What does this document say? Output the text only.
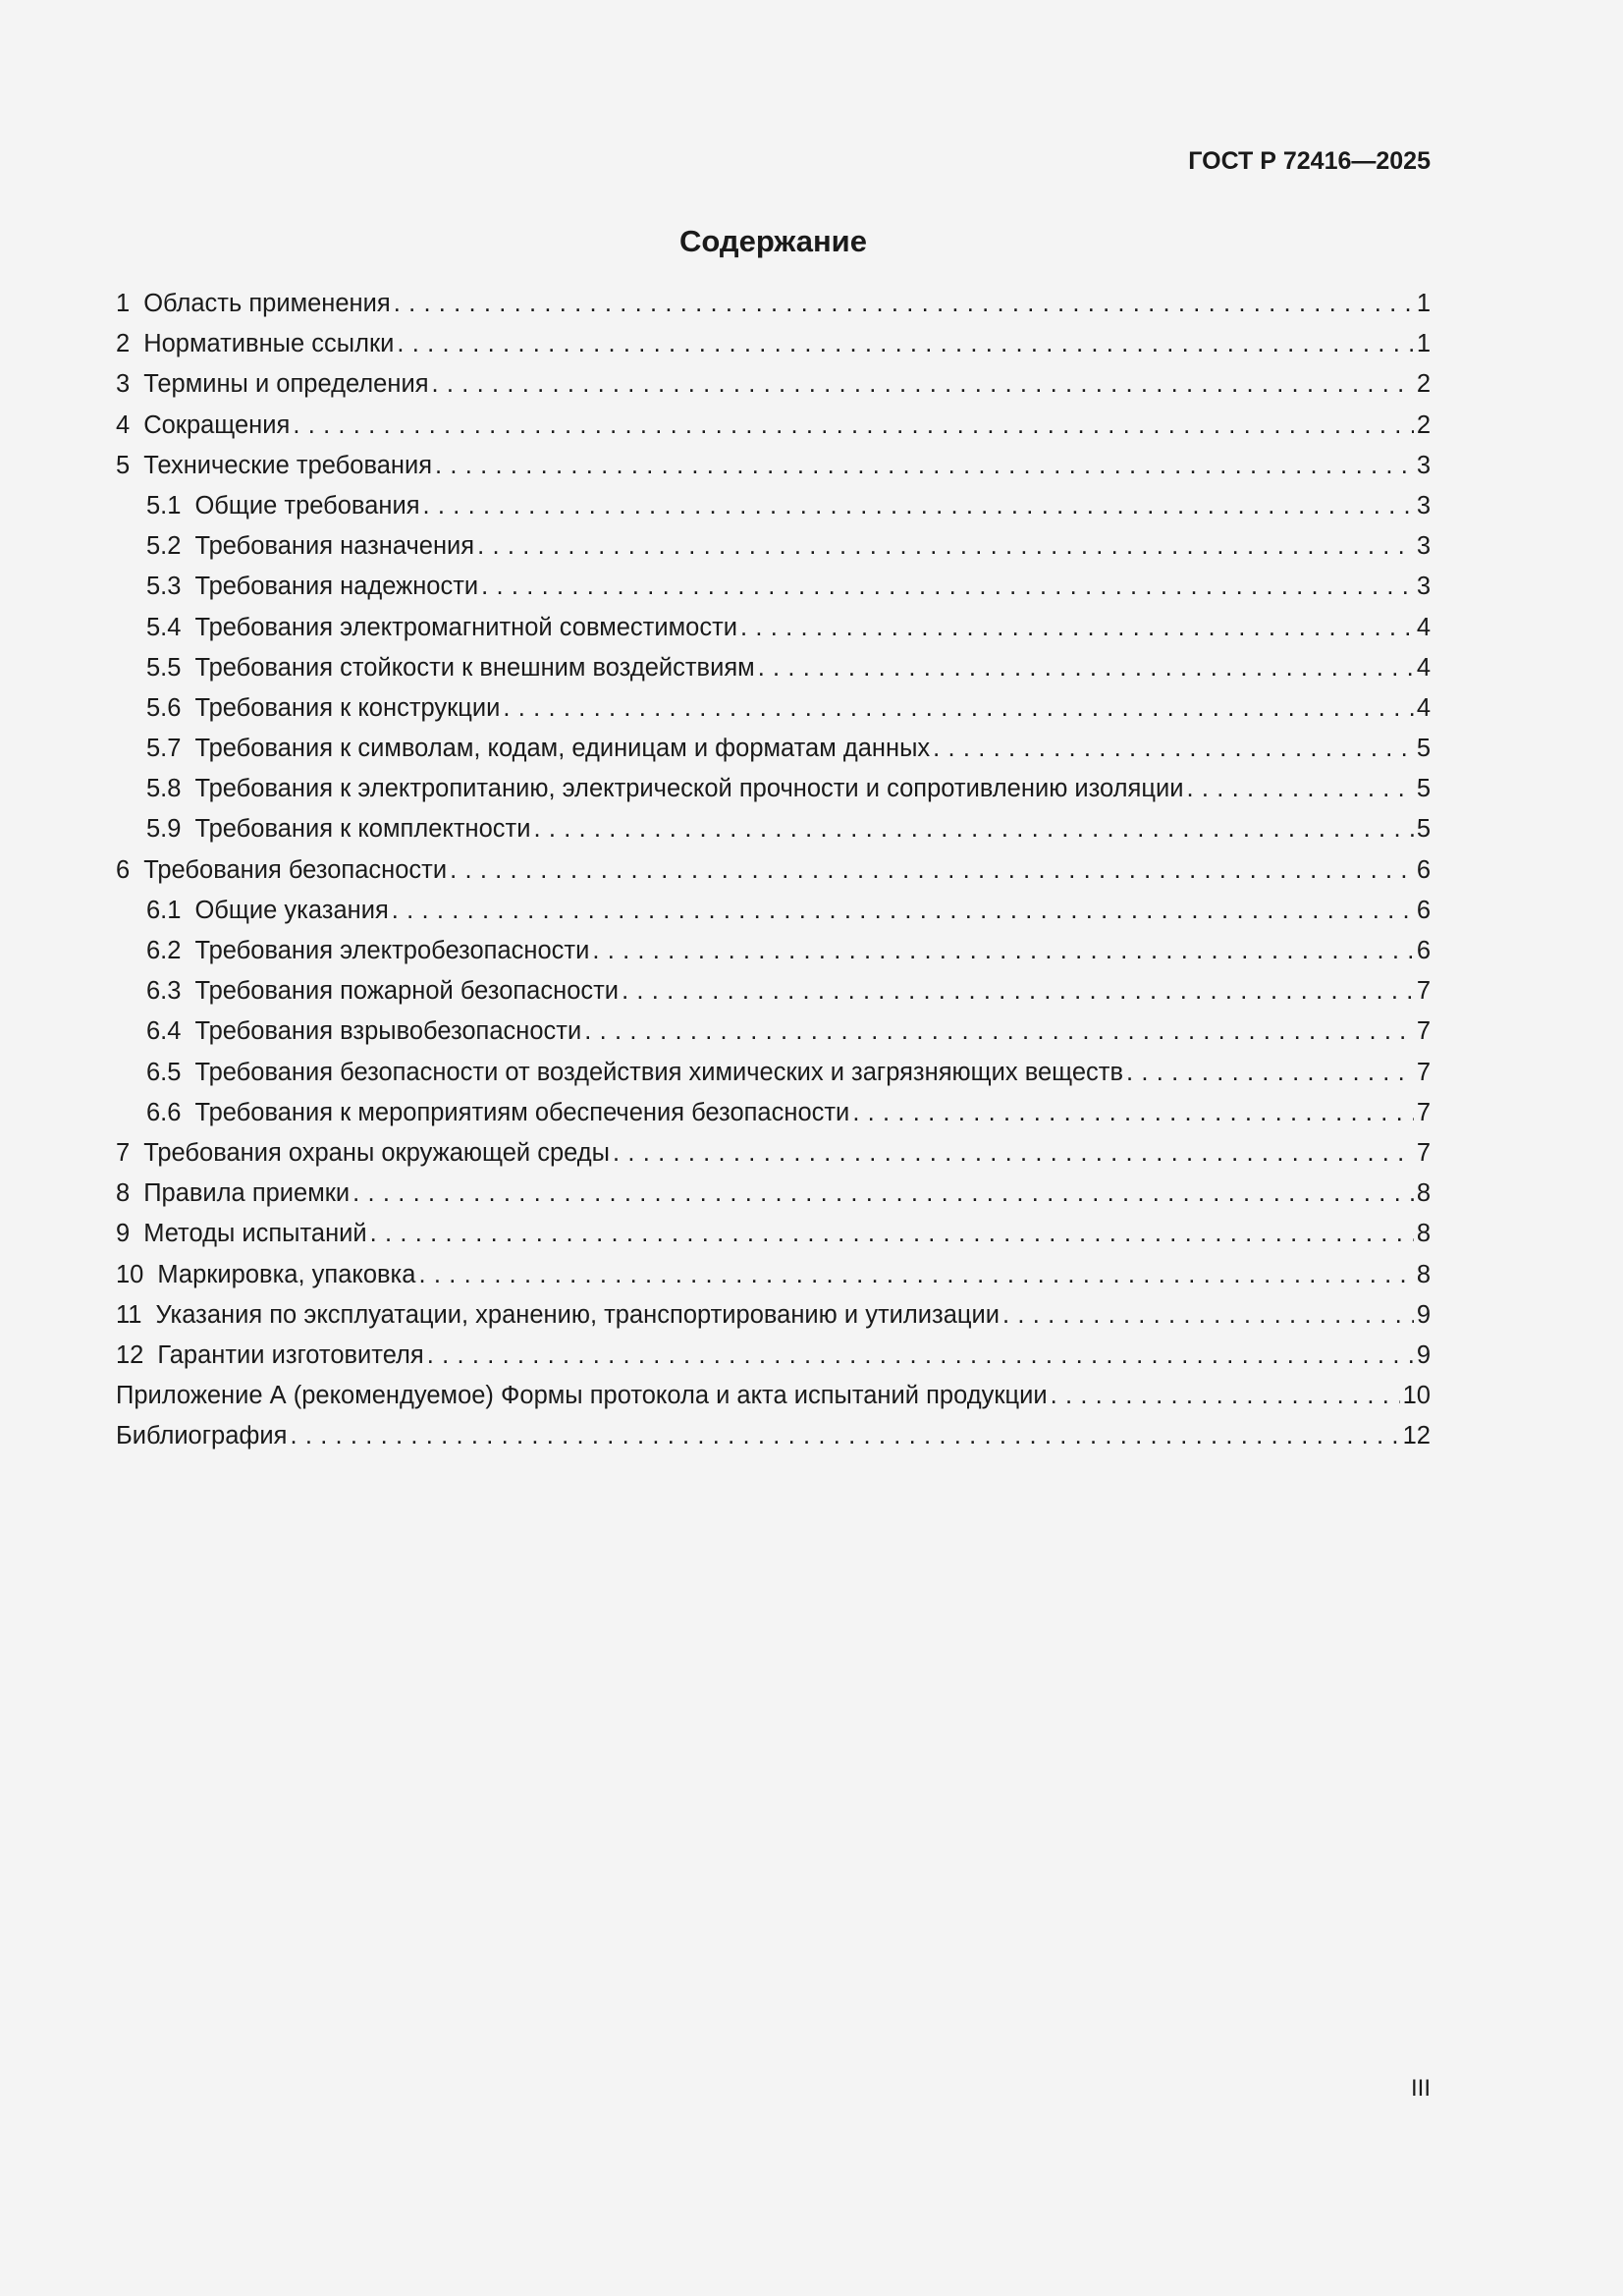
ГОСТ Р 72416—2025
Содержание
1 Область применения . . .	1
2 Нормативные ссылки . . .	1
3 Термины и определения . . .	2
4 Сокращения . . .	2
5 Технические требования . . .	3
5.1 Общие требования . . .	3
5.2 Требования назначения . . .	3
5.3 Требования надежности . . .	3
5.4 Требования электромагнитной совместимости . . .	4
5.5 Требования стойкости к внешним воздействиям . . .	4
5.6 Требования к конструкции . . .	4
5.7 Требования к символам, кодам, единицам и форматам данных . . .	5
5.8 Требования к электропитанию, электрической прочности и сопротивлению изоляции . . .	5
5.9 Требования к комплектности . . .	5
6 Требования безопасности . . .	6
6.1 Общие указания . . .	6
6.2 Требования электробезопасности . . .	6
6.3 Требования пожарной безопасности . . .	7
6.4 Требования взрывобезопасности . . .	7
6.5 Требования безопасности от воздействия химических и загрязняющих веществ . . .	7
6.6 Требования к мероприятиям обеспечения безопасности . . .	7
7 Требования охраны окружающей среды . . .	7
8 Правила приемки . . .	8
9 Методы испытаний . . .	8
10 Маркировка, упаковка . . .	8
11 Указания по эксплуатации, хранению, транспортированию и утилизации . . .	9
12 Гарантии изготовителя . . .	9
Приложение А (рекомендуемое) Формы протокола и акта испытаний продукции . . .	10
Библиография . . .	12
III
